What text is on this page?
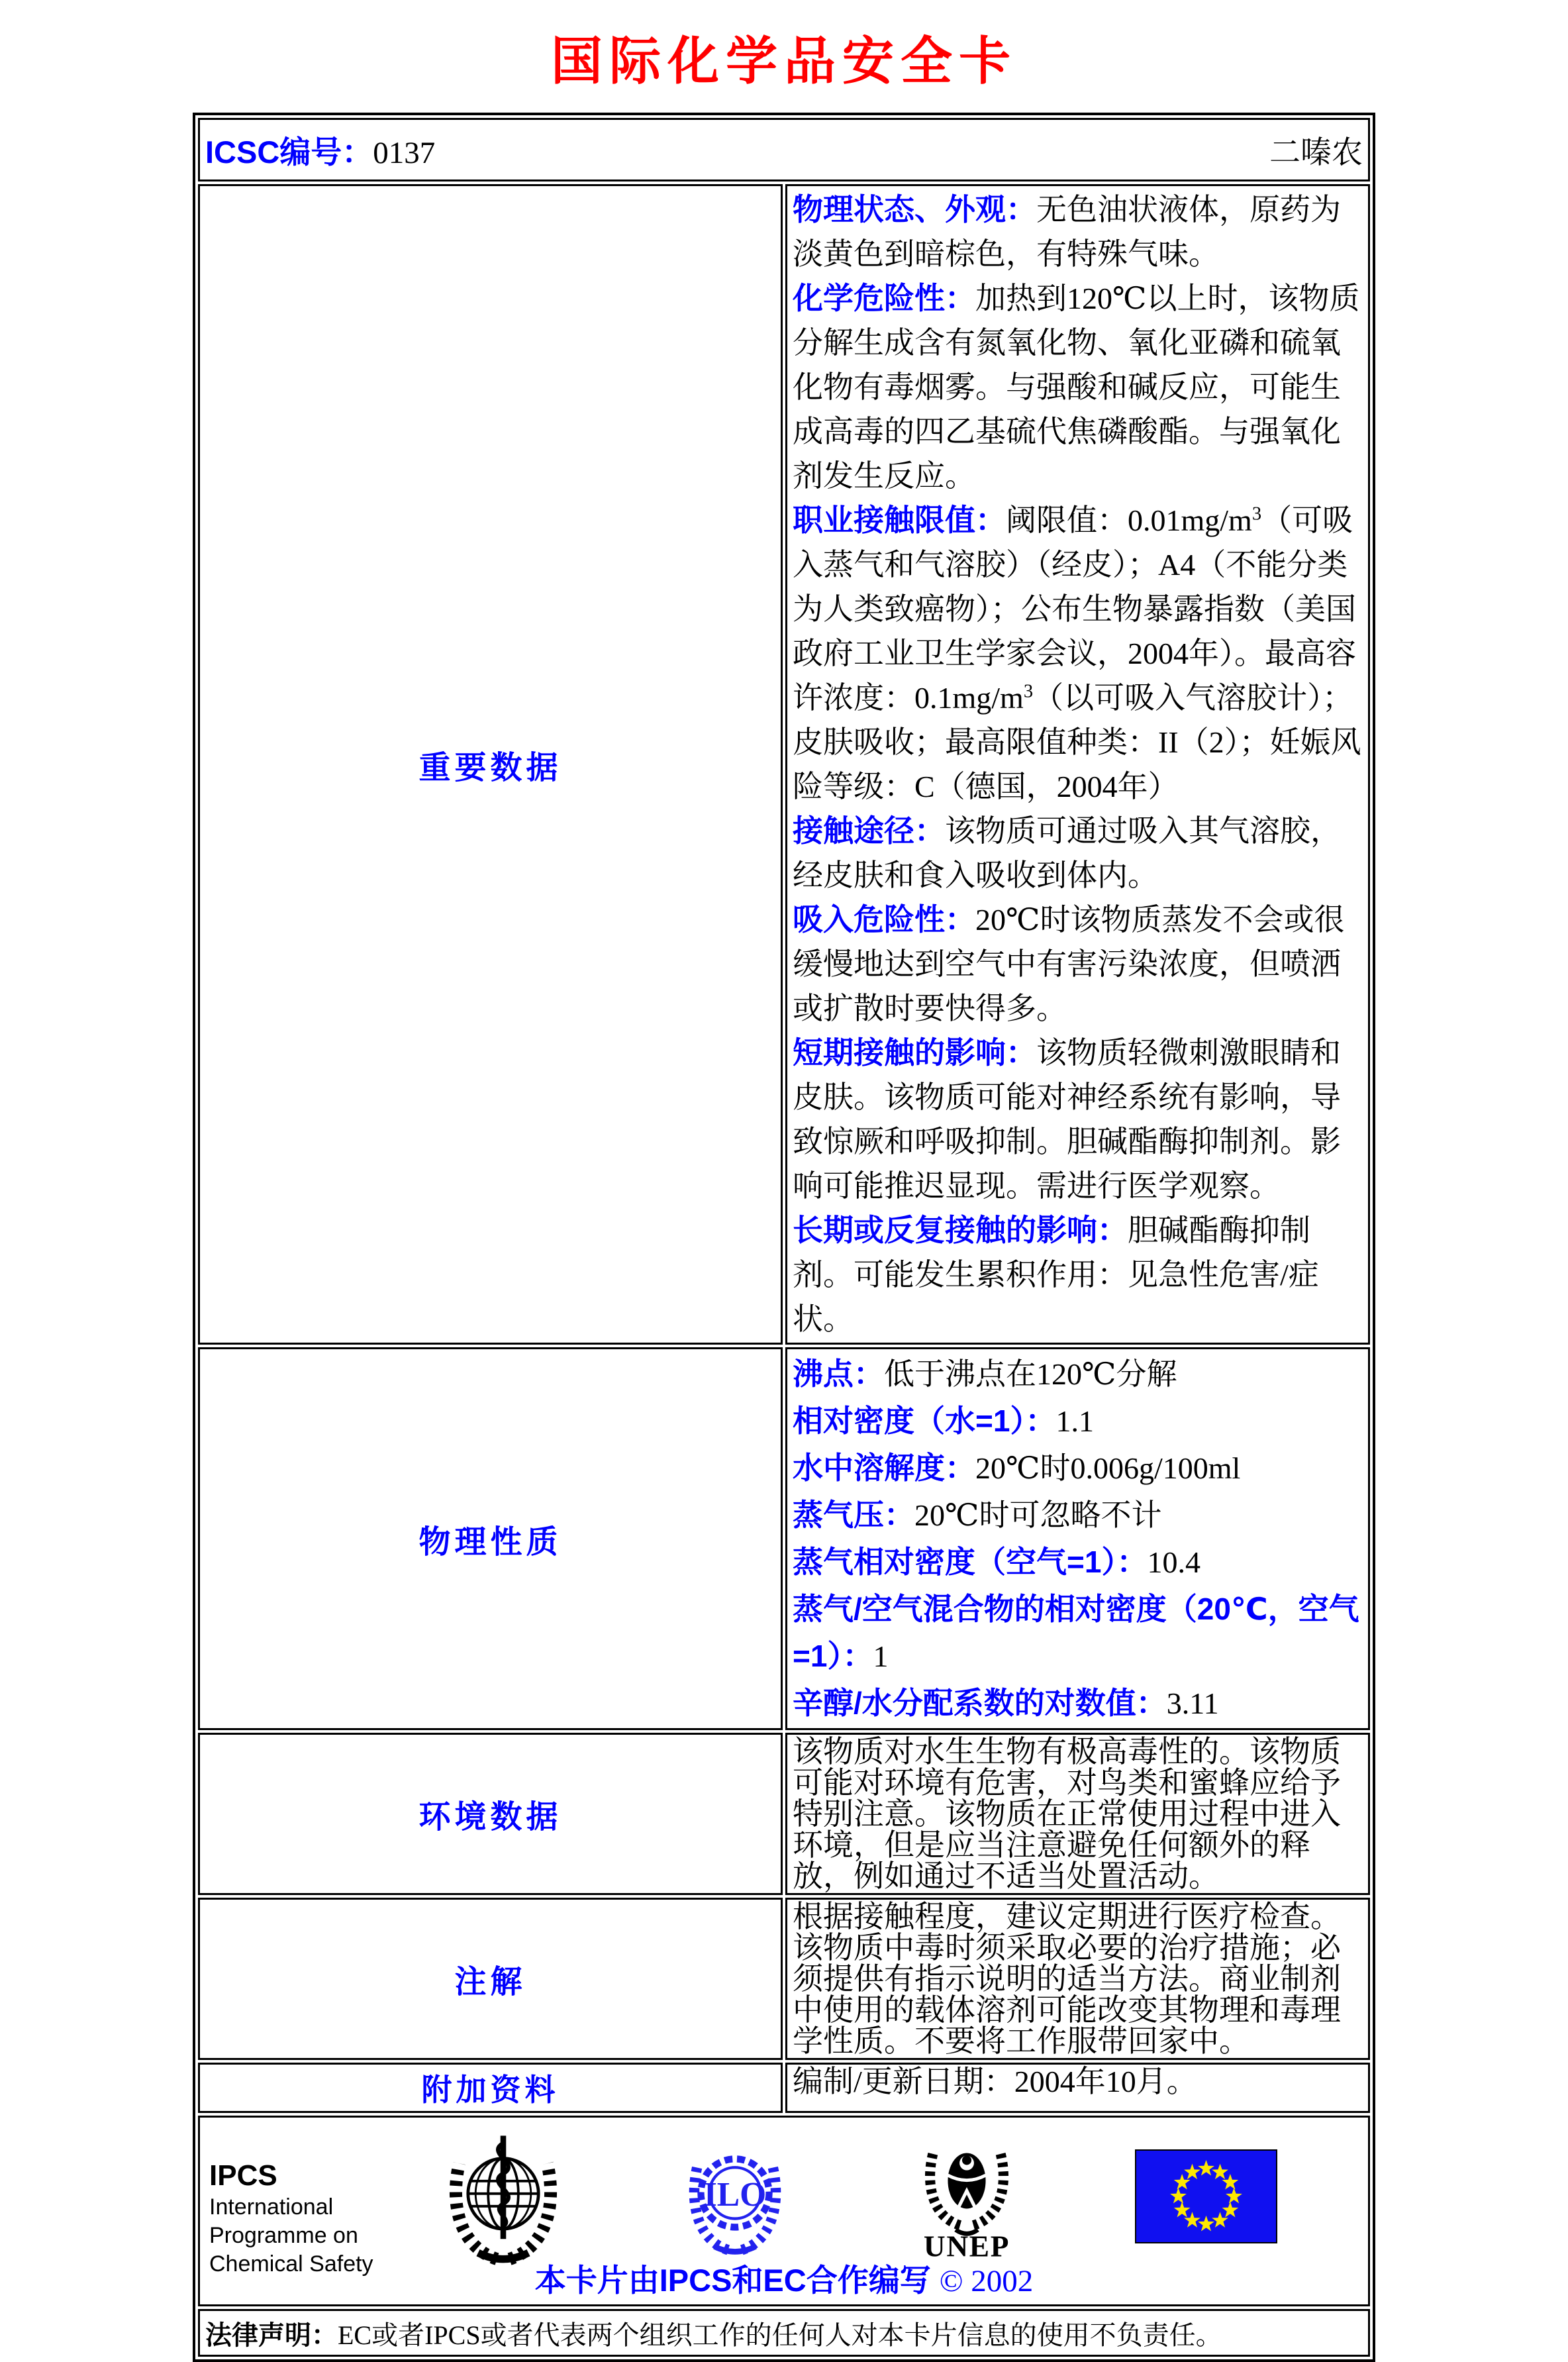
国际化学品安全卡
ICSC编号：0137 二嗪农	

重要数据	
物理状态、外观：无色油状液体，原药为淡黄色到暗棕色，有特殊气味。
化学危险性：加热到120℃以上时，该物质分解生成含有氮氧化物、氧化亚磷和硫氧化物有毒烟雾。与强酸和碱反应，可能生成高毒的四乙基硫代焦磷酸酯。与强氧化剂发生反应。
职业接触限值：阈限值：$0.01mg/m^3$（可吸入蒸气和气溶胶）（经皮）；A4（不能分类为人类致癌物）；公布生物暴露指数（美国政府工业卫生学家会议，2004年）。最高容许浓度：$0.1mg/m^3$（以可吸入气溶胶计）；皮肤吸收；最高限值种类：II（2）；妊娠风险等级：C（德国，2004年）
接触途径：该物质可通过吸入其气溶胶，经皮肤和食入吸收到体内。
吸入危险性：20℃时该物质蒸发不会或很缓慢地达到空气中有害污染浓度，但喷洒或扩散时要快得多。
短期接触的影响：该物质轻微刺激眼睛和皮肤。该物质可能对神经系统有影响，导致惊厥和呼吸抑制。胆碱酯酶抑制剂。影响可能推迟显现。需进行医学观察。
长期或反复接触的影响：胆碱酯酶抑制剂。可能发生累积作用：见急性危害/症状。

物理性质	
沸点：低于沸点在120℃分解
相对密度（水=1）：1.1
水中溶解度：20℃时0.006g/100ml
蒸气压：20℃时可忽略不计
蒸气相对密度（空气=1）：10.4
蒸气/空气混合物的相对密度（20℃，空气=1）：1
辛醇/水分配系数的对数值：3.11

环境数据	该物质对水生生物有极高毒性的。该物质可能对环境有危害，对鸟类和蜜蜂应给予特别注意。该物质在正常使用过程中进入环境，但是应当注意避免任何额外的释放，例如通过不适当处置活动。

注解	根据接触程度，建议定期进行医疗检查。该物质中毒时须采取必要的治疗措施；必须提供有指示说明的适当方法。商业制剂中使用的载体溶剂可能改变其物理和毒理学性质。不要将工作服带回家中。

附加资料	编制/更新日期：2004年10月。

IPCS
International
Programme on
Chemical Safety
ILO
UNEP
本卡片由IPCS和EC合作编写 © 2002

法律声明：EC或者IPCS或者代表两个组织工作的任何人对本卡片信息的使用不负责任。	
